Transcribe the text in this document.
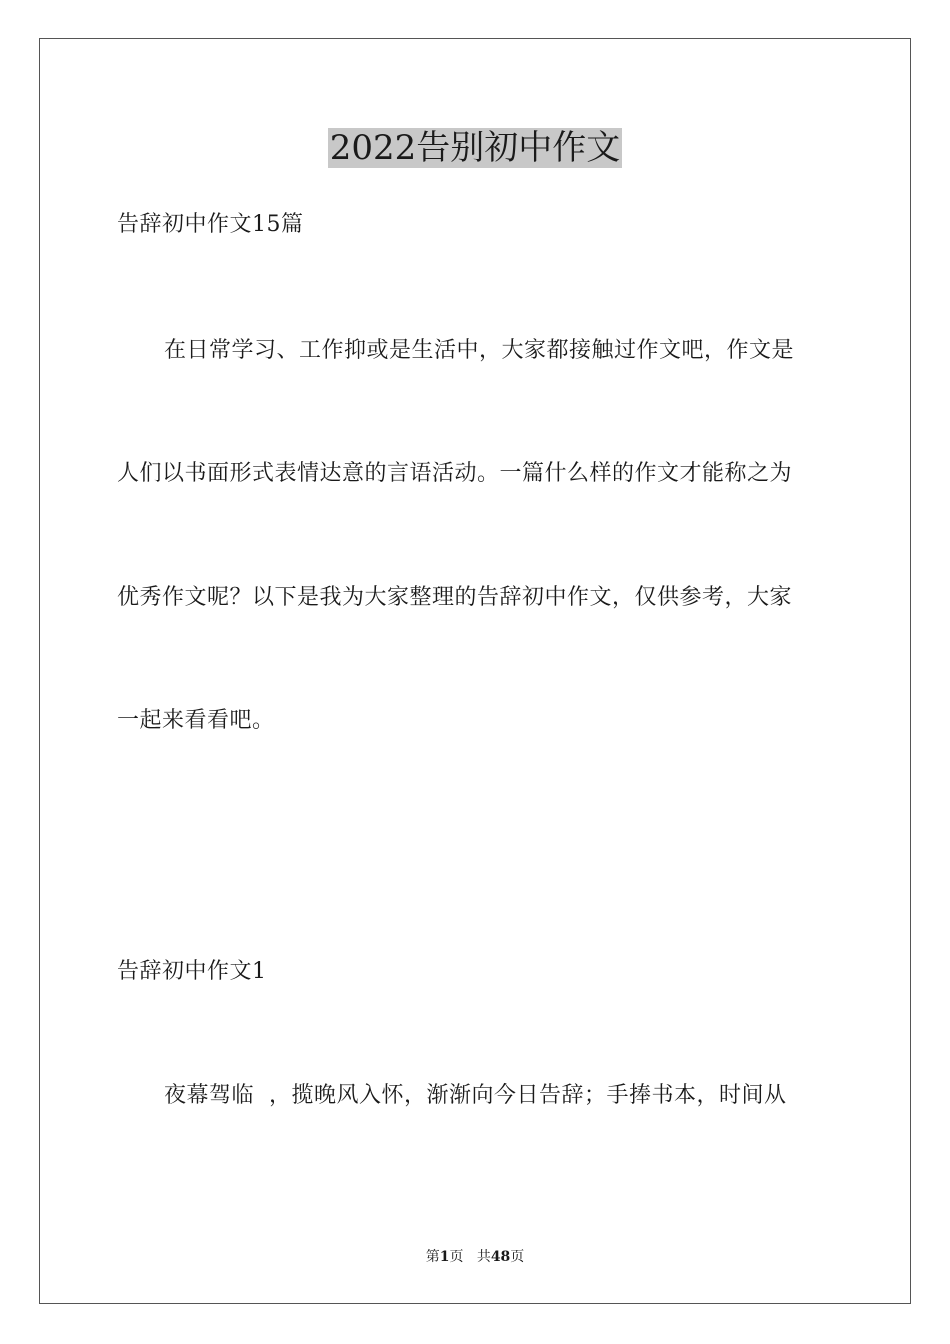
2022告别初中作文
告辞初中作文15篇
在日常学习、工作抑或是生活中，大家都接触过作文吧，作文是
人们以书面形式表情达意的言语活动。一篇什么样的作文才能称之为
优秀作文呢？以下是我为大家整理的告辞初中作文，仅供参考，大家
一起来看看吧。
告辞初中作文1
夜幕驾临  ，揽晚风入怀，渐渐向今日告辞；手捧书本，时间从
第1页 共48页
